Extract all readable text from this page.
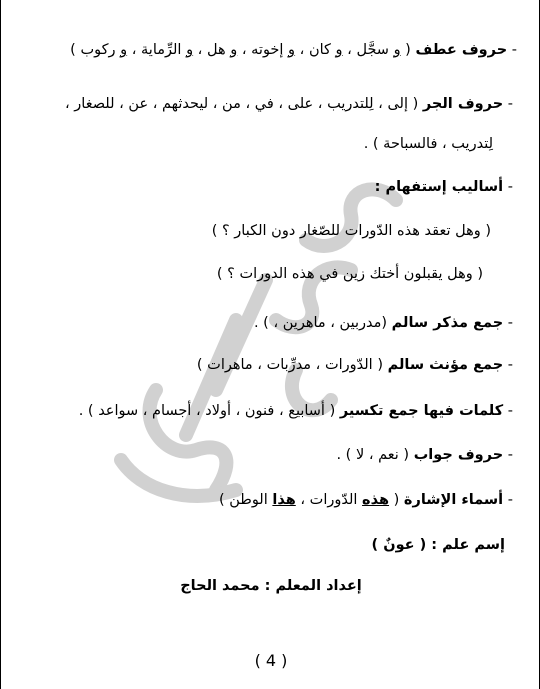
- حروف عطف ( و سجَّل ، و كان ، و إخوته ، و هل ، و الرِّماية ، و ركوب )
- حروف الجر ( إلى ، لِلتدريب ، على ، في ، من ، ليحدثهم ، عن ، للصغار ،
لِتدريب ، فالسباحة ) .
- أساليب إستفهام :
( وهل تعقد هذه الدّورات للصّغار دون الكبار ؟ )
( وهل يقبلون أختك زين في هذه الدورات ؟ )
- جمع مذكر سالم (مدربين ، ماهرين ، ) .
- جمع مؤنث سالم ( الدّورات ، مدرِّبات ، ماهرات )
- كلمات فيها جمع تكسير ( أسابيع ، فنون ، أولاد ، أجسام ، سواعد ) .
- حروف جواب ( نعم ، لا ) .
- أسماء الإشارة ( هذه الدّورات ، هذا الوطن )
إسم علم : ( عونٌ )
إعداد المعلم : محمد الحاج
( 4 )
